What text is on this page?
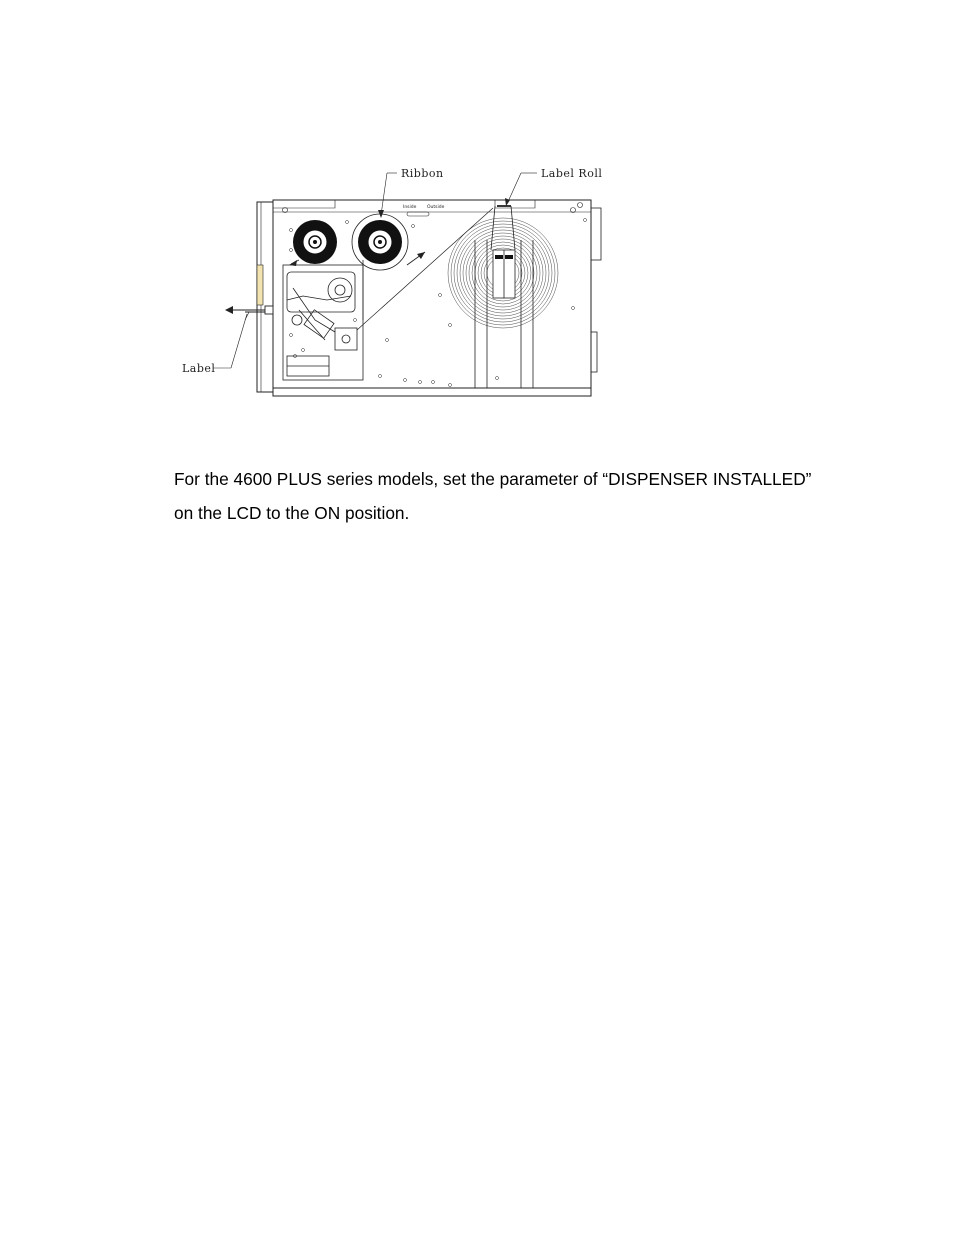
Ribbon	Label Roll
Label
Inside Outside

For the 4600 PLUS series models, set the parameter of “DISPENSER INSTALLED” on the LCD to the ON position.
